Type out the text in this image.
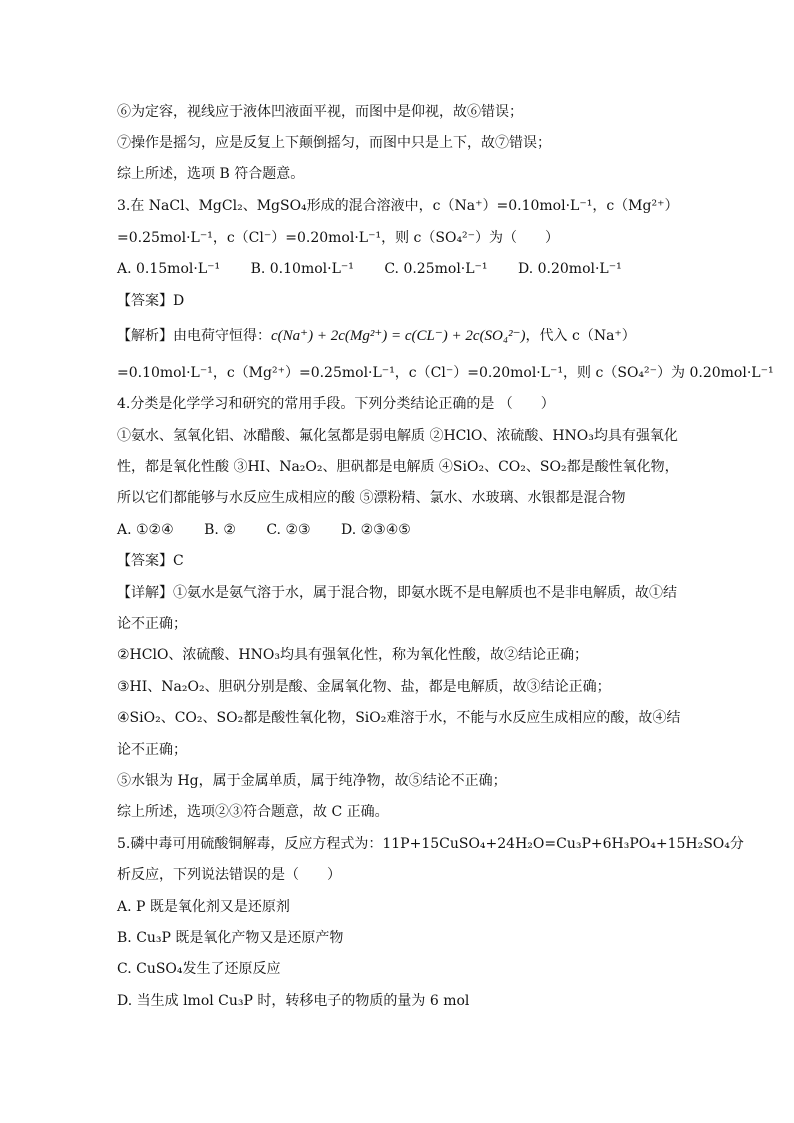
⑥为定容，视线应于液体凹液面平视，而图中是仰视，故⑥错误；
⑦操作是摇匀，应是反复上下颠倒摇匀，而图中只是上下，故⑦错误；
综上所述，选项 B 符合题意。
3.在 NaCl、MgCl₂、MgSO₄形成的混合溶液中，c（Na⁺）=0.10mol·L⁻¹，c（Mg²⁺）
=0.25mol·L⁻¹，c（Cl⁻）=0.20mol·L⁻¹，则 c（SO₄²⁻）为（　　）
A. 0.15mol·L⁻¹ B. 0.10mol·L⁻¹ C. 0.25mol·L⁻¹ D. 0.20mol·L⁻¹
【答案】D
【解析】由电荷守恒得：c(Na⁺) + 2c(Mg²⁺) = c(CL⁻) + 2c(SO₄²⁻)，代入 c（Na⁺）
=0.10mol·L⁻¹，c（Mg²⁺）=0.25mol·L⁻¹，c（Cl⁻）=0.20mol·L⁻¹，则 c（SO₄²⁻）为 0.20mol·L⁻¹
4.分类是化学学习和研究的常用手段。下列分类结论正确的是 （　　）
①氨水、氢氧化铝、冰醋酸、氟化氢都是弱电解质 ②HClO、浓硫酸、HNO₃均具有强氧化
性，都是氧化性酸 ③HI、Na₂O₂、胆矾都是电解质 ④SiO₂、CO₂、SO₂都是酸性氧化物，
所以它们都能够与水反应生成相应的酸 ⑤漂粉精、氯水、水玻璃、水银都是混合物
A. ①②④ B. ② C. ②③ D. ②③④⑤
【答案】C
【详解】①氨水是氨气溶于水，属于混合物，即氨水既不是电解质也不是非电解质，故①结
论不正确；
②HClO、浓硫酸、HNO₃均具有强氧化性，称为氧化性酸，故②结论正确；
③HI、Na₂O₂、胆矾分别是酸、金属氧化物、盐，都是电解质，故③结论正确；
④SiO₂、CO₂、SO₂都是酸性氧化物，SiO₂难溶于水，不能与水反应生成相应的酸，故④结
论不正确；
⑤水银为 Hg，属于金属单质，属于纯净物，故⑤结论不正确；
综上所述，选项②③符合题意，故 C 正确。
5.磷中毒可用硫酸铜解毒，反应方程式为：11P+15CuSO₄+24H₂O=Cu₃P+6H₃PO₄+15H₂SO₄分
析反应，下列说法错误的是（　　）
A. P 既是氧化剂又是还原剂
B. Cu₃P 既是氧化产物又是还原产物
C. CuSO₄发生了还原反应
D. 当生成 lmol Cu₃P 时，转移电子的物质的量为 6 mol
